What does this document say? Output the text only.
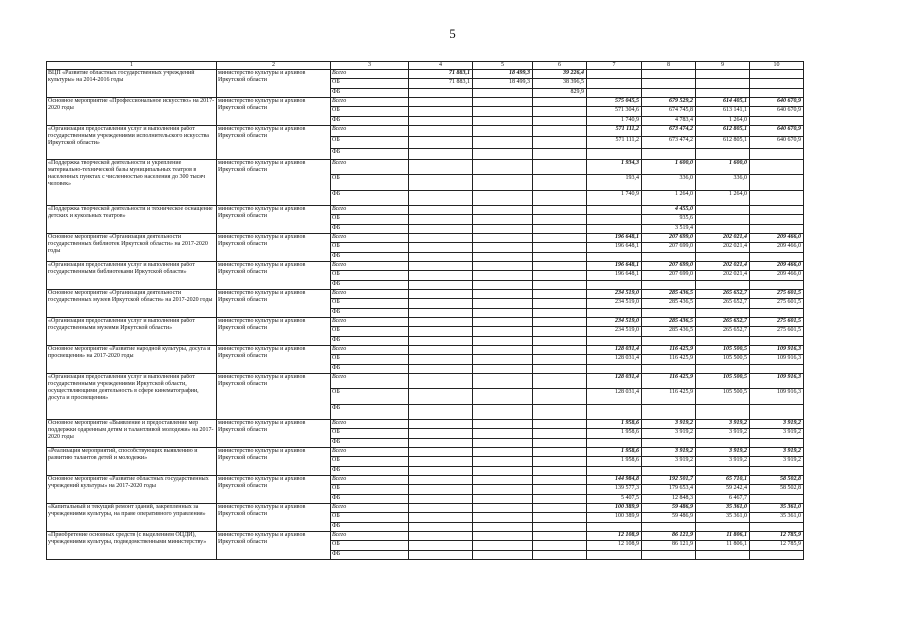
5
1	2	3	4	5	6	7	8	9	10
ВЦП «Развитие областных государственных учреждений культуры» на 2014-2016 годы	министерство культуры и архивов Иркутской области	Всего	71 883,1	18 499,3	39 226,4				
		ОБ	71 883,1	18 499,3	38 396,5				
		ФБ			829,9				
Основное мероприятие «Профессиональное искусство» на 2017-2020 годы	министерство культуры и архивов Иркутской области	Всего				575 045,5	679 529,2	614 405,1	640 670,9
		ОБ				571 304,6	674 745,8	613 141,1	640 670,9
		ФБ				1 740,9	4 783,4	1 264,0	
«Организация предоставления услуг и выполнения работ государственными учреждениями исполнительского искусства Иркутской области»	министерство культуры и архивов Иркутской области	Всего				571 111,2	673 474,2	612 805,1	640 670,9
		ОБ				571 111,2	673 474,2	612 805,1	640 670,9
		ФБ							
«Поддержка творческой деятельности и укрепление материально-технической базы муниципальных театров в населенных пунктах с численностью населения до 300 тысяч человек»	министерство культуры и архивов Иркутской области	Всего				1 934,3	1 600,0	1 600,0	
		ОБ				193,4	336,0	336,0	
		ФБ				1 740,9	1 264,0	1 264,0	
«Поддержка творческой деятельности и техническое оснащение детских и кукольных театров»	министерство культуры и архивов Иркутской области	Всего					4 455,0		
		ОБ					935,6		
		ФБ					3 519,4		
Основное мероприятие «Организация деятельности государственных библиотек Иркутской области» на 2017-2020 годы	министерство культуры и архивов Иркутской области	Всего				196 648,1	207 699,0	202 021,4	209 466,0
		ОБ				196 648,1	207 699,0	202 021,4	209 466,0
		ФБ							
«Организация предоставления услуг и выполнения работ государственными библиотеками Иркутской области»	министерство культуры и архивов Иркутской области	Всего				196 648,1	207 699,0	202 021,4	209 466,0
		ОБ				196 648,1	207 699,0	202 021,4	209 466,0
		ФБ							
Основное мероприятие «Организация деятельности государственных музеев Иркутской области» на 2017-2020 годы	министерство культуры и архивов Иркутской области	Всего				234 519,0	285 436,5	265 652,7	275 601,5
		ОБ				234 519,0	285 436,5	265 652,7	275 601,5
		ФБ							
«Организация предоставления услуг и выполнения работ государственными музеями Иркутской области»	министерство культуры и архивов Иркутской области	Всего				234 519,0	285 436,5	265 652,7	275 601,5
		ОБ				234 519,0	285 436,5	265 652,7	275 601,5
		ФБ							
Основное мероприятие «Развитие народной культуры, досуга и просвещения» на 2017-2020 годы	министерство культуры и архивов Иркутской области	Всего				128 031,4	116 425,9	105 500,5	109 916,3
		ОБ				128 031,4	116 425,9	105 500,5	109 916,3
		ФБ							
«Организация предоставления услуг и выполнения работ государственными учреждениями Иркутской области, осуществляющими деятельность в сфере кинематографии, досуга и просвещения»	министерство культуры и архивов Иркутской области	Всего				128 031,4	116 425,9	105 500,5	109 916,3
		ОБ				128 031,4	116 425,9	105 500,5	109 916,3
		ФБ							
Основное мероприятие «Выявление и предоставление мер поддержки одаренным детям и талантливой молодежи» на 2017-2020 годы	министерство культуры и архивов Иркутской области	Всего				1 958,6	3 919,2	3 919,2	3 919,2
		ОБ				1 958,6	3 919,2	3 919,2	3 919,2
		ФБ							
«Реализация мероприятий, способствующих выявлению и развитию талантов детей и молодежи»	министерство культуры и архивов Иркутской области	Всего				1 958,6	3 919,2	3 919,2	3 919,2
		ОБ				1 958,6	3 919,2	3 919,2	3 919,2
		ФБ							
Основное мероприятие «Развитие областных государственных учреждений культуры» на 2017-2020 годы	министерство культуры и архивов Иркутской области	Всего				144 984,8	192 501,7	65 710,1	58 502,8
		ОБ				139 577,3	179 653,4	59 242,4	58 502,8
		ФБ				5 407,5	12 848,3	6 467,7	
«Капитальный и текущий ремонт зданий, закрепленных за учреждениями культуры, на праве оперативного управления»	министерство культуры и архивов Иркутской области	Всего				100 389,9	59 486,9	35 361,0	35 361,0
		ОБ				100 389,9	59 486,9	35 361,0	35 361,0
		ФБ							
«Приобретение основных средств (с выделением ОЦДИ), учреждениями культуры, подведомственными министерству»	министерство культуры и архивов Иркутской области	Всего				12 108,9	86 121,9	11 806,1	12 785,9
		ОБ				12 108,9	86 121,9	11 806,1	12 785,9
		ФБ							
